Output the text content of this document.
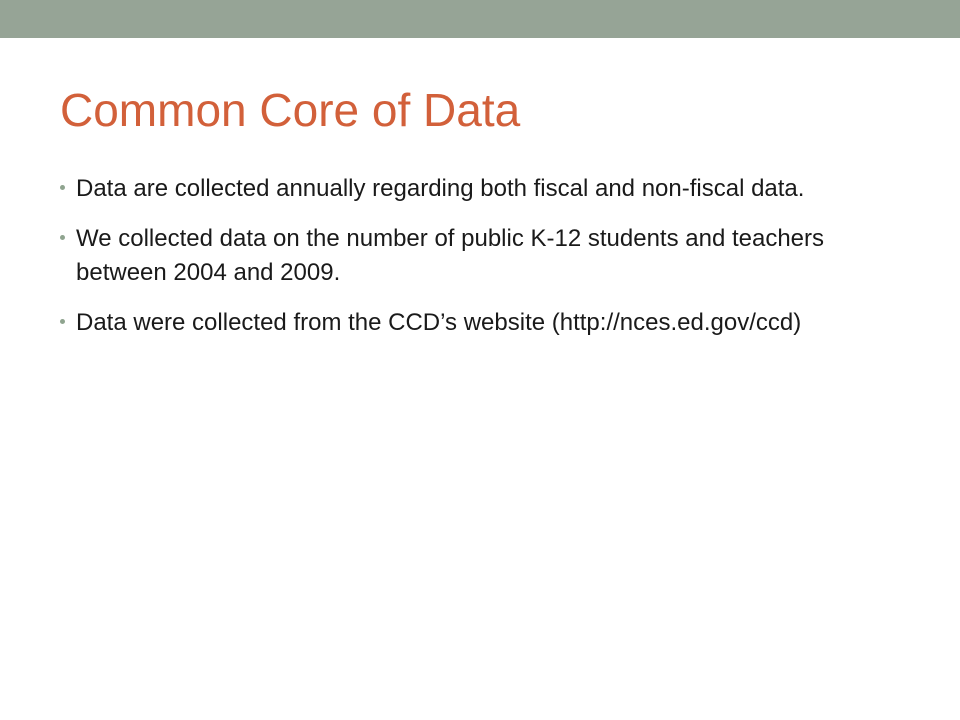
Common Core of Data
Data are collected annually regarding both fiscal and non-fiscal data.
We collected data on the number of public K-12 students and teachers between 2004 and 2009.
Data were collected from the CCD’s website (http://nces.ed.gov/ccd)
